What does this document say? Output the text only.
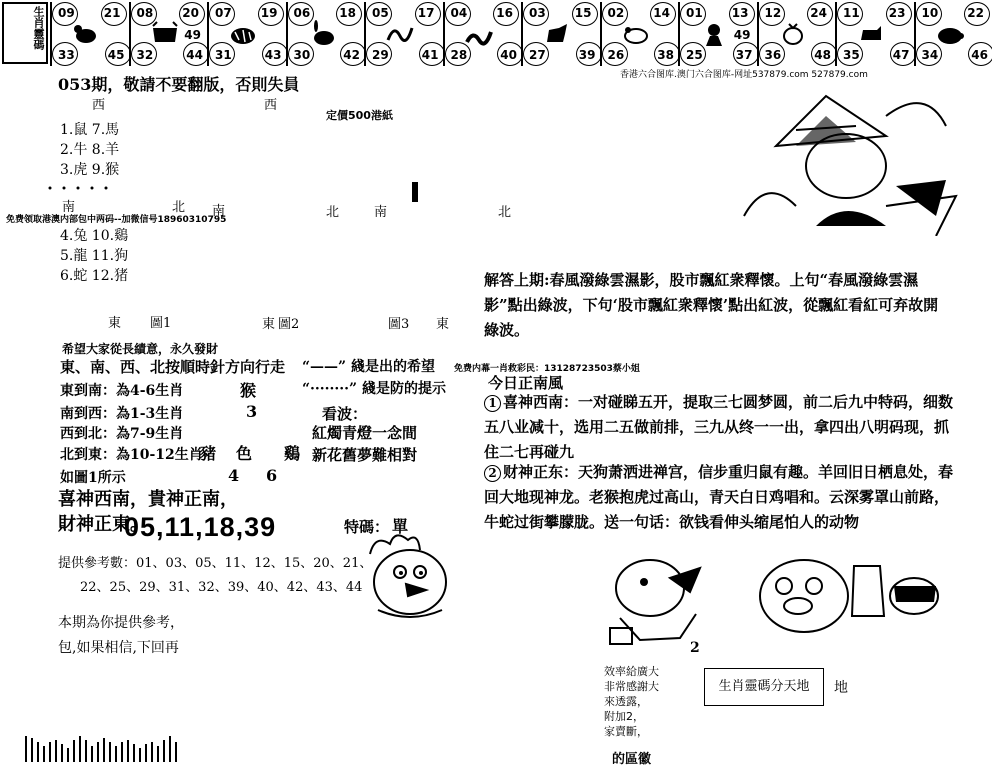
生肖靈碼 09 21
33	45
08 20
32	44
49
07 19
31	43
06 18
30	42
05 17
29	41
04 16
28	40
03 15
27	39
02 14
26	38
01 13
25	37
49
12 24
36	48
11 23
35	47
10 22
34	46
香港六合图库.澳门六合图库-网址537879.com 527879.com
053期，敬請不要翻版，否則失員
西	西
定價500港紙
1.鼠 7.馬
2.牛 8.羊
3.虎 9.猴
南	北 南	北	南	北
免费领取港澳内部包中两码--加微信号18960310795
4.兔 10.鷄
5.龍 11.狗
6.蛇 12.猪
東 圖1	東 圖2	圖3 東
希望大家從長績意，永久發財
東、南、西、北按順時針方向行走
東到南：為4-6生肖	猴
南到西：為1-3生肖	3
西到北：為7-9生肖
北到東：為10-12生肖
豬 色 鷄
如圖1所示	4 6
喜神西南，貴神正南，
財神正東。
05,11,18,39	特碼： 單
提供參考數：01、03、05、11、12、15、20、21、
22、25、29、31、32、39、40、42、43、44
本期為你提供參考，
包,如果相信,下回再
“——” 綫是出的希望
“········” 綫是防的提示
免费内幕一肖救彩民：13128723503蔡小姐
看波：
紅燭青燈一念間
新花舊夢難相對
解答上期:春風潑綠雲濕影，股市飄紅衆釋懷。上句“春風潑綠雲濕影”點出綠波，下句‘股市飄紅衆釋懷’點出紅波，從飄紅看紅可弃故開綠波。
今日正南風
1 喜神西南：一对碰睇五开，提取三七圆梦圆，前二后九中特码，细数五八业减十，选用二五做前排，三九从终一一出，拿四出八明码现，抓住二七再碰九
2 财神正东：天狗萧洒进禅宫，信步重归鼠有趣。羊回旧日栖息处，春回大地现神龙。老猴抱虎过高山，青天白日鸡唱和。云深雾罩山前路，牛蛇过街攀朦胧。送一句话：欲钱看伸头缩尾怕人的动物
2
效率給廣大
非常感謝大
來透露，
附加2，
家賣斷，
的區徽
生肖靈碼分天地	地
